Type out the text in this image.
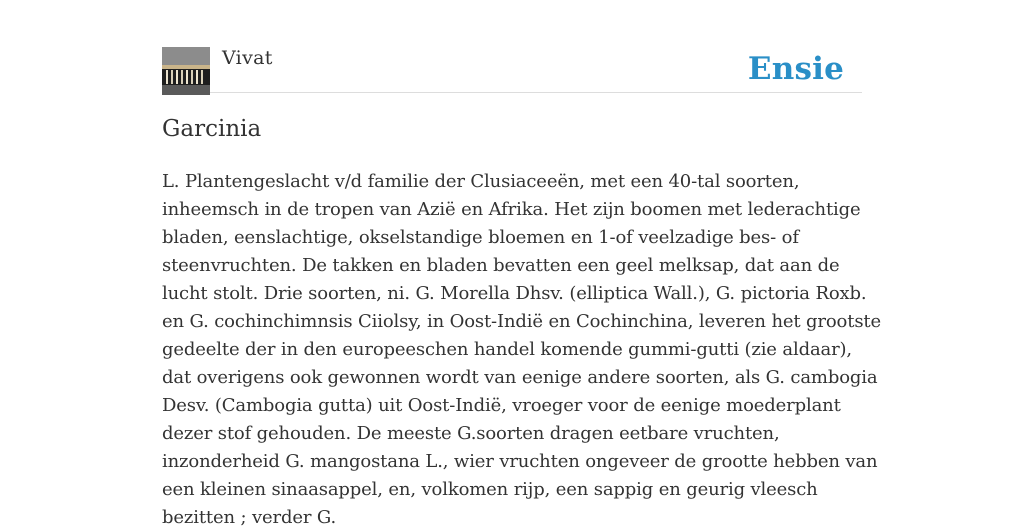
Vivat	Ensie
Garcinia

L. Plantengeslacht v/d familie der Clusiaceeën, met een 40-tal soorten, inheemsch in de tropen van Azië en Afrika. Het zijn boomen met lederachtige bladen, eenslachtige, okselstandige bloemen en 1-of veelzadige bes- of steenvruchten. De takken en bladen bevatten een geel melksap, dat aan de lucht stolt. Drie soorten, ni. G. Morella Dhsv. (elliptica Wall.), G. pictoria Roxb. en G. cochinchimnsis Ciiolsy, in Oost-Indië en Cochinchina, leveren het grootste gedeelte der in den europeeschen handel komende gummi-gutti (zie aldaar), dat overigens ook gewonnen wordt van eenige andere soorten, als G. cambogia Desv. (Cambogia gutta) uit Oost-Indië, vroeger voor de eenige moederplant dezer stof gehouden. De meeste G.soorten dragen eetbare vruchten, inzonderheid G. mangostana L., wier vruchten ongeveer de grootte hebben van een kleinen sinaasappel, en, volkomen rijp, een sappig en geurig vleesch bezitten ; verder G.
